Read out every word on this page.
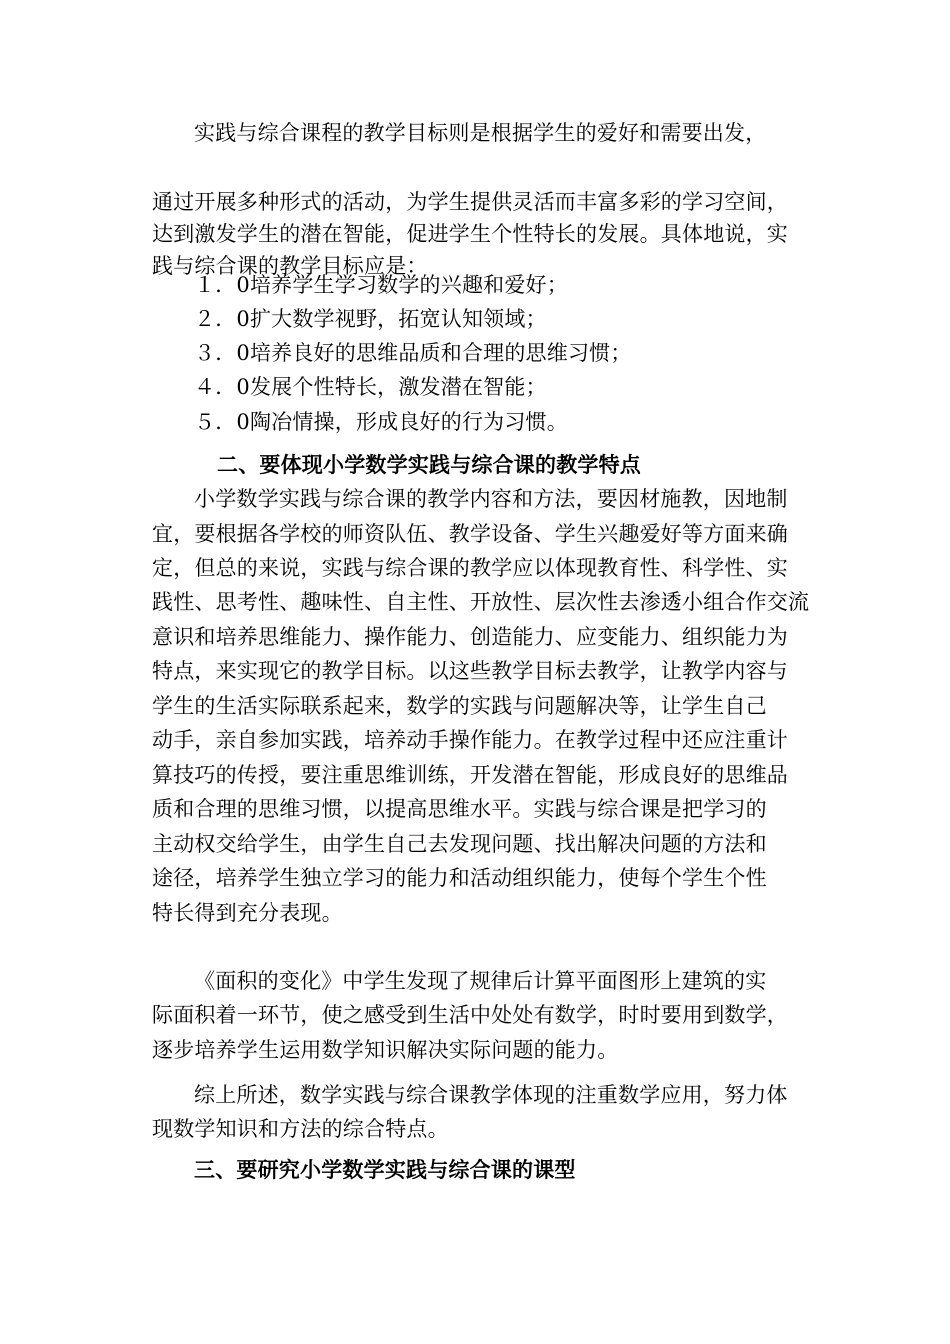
实践与综合课程的教学目标则是根据学生的爱好和需要出发，
通过开展多种形式的活动，为学生提供灵活而丰富多彩的学习空间，
达到激发学生的潜在智能，促进学生个性特长的发展。具体地说，实
践与综合课的教学目标应是：
１．0培养学生学习数学的兴趣和爱好；
２．0扩大数学视野，拓宽认知领域；
３．0培养良好的思维品质和合理的思维习惯；
４．0发展个性特长，激发潜在智能；
５．0陶冶情操，形成良好的行为习惯。
二、要体现小学数学实践与综合课的教学特点
小学数学实践与综合课的教学内容和方法，要因材施教，因地制
宜，要根据各学校的师资队伍、教学设备、学生兴趣爱好等方面来确
定，但总的来说，实践与综合课的教学应以体现教育性、科学性、实
践性、思考性、趣味性、自主性、开放性、层次性去渗透小组合作交流
意识和培养思维能力、操作能力、创造能力、应变能力、组织能力为
特点，来实现它的教学目标。以这些教学目标去教学，让教学内容与
学生的生活实际联系起来，数学的实践与问题解决等，让学生自己
动手，亲自参加实践，培养动手操作能力。在教学过程中还应注重计
算技巧的传授，要注重思维训练，开发潜在智能，形成良好的思维品
质和合理的思维习惯，以提高思维水平。实践与综合课是把学习的
主动权交给学生，由学生自己去发现问题、找出解决问题的方法和
途径，培养学生独立学习的能力和活动组织能力，使每个学生个性
特长得到充分表现。
《面积的变化》中学生发现了规律后计算平面图形上建筑的实
际面积着一环节，使之感受到生活中处处有数学，时时要用到数学，
逐步培养学生运用数学知识解决实际问题的能力。
综上所述，数学实践与综合课教学体现的注重数学应用，努力体
现数学知识和方法的综合特点。
三、要研究小学数学实践与综合课的课型
